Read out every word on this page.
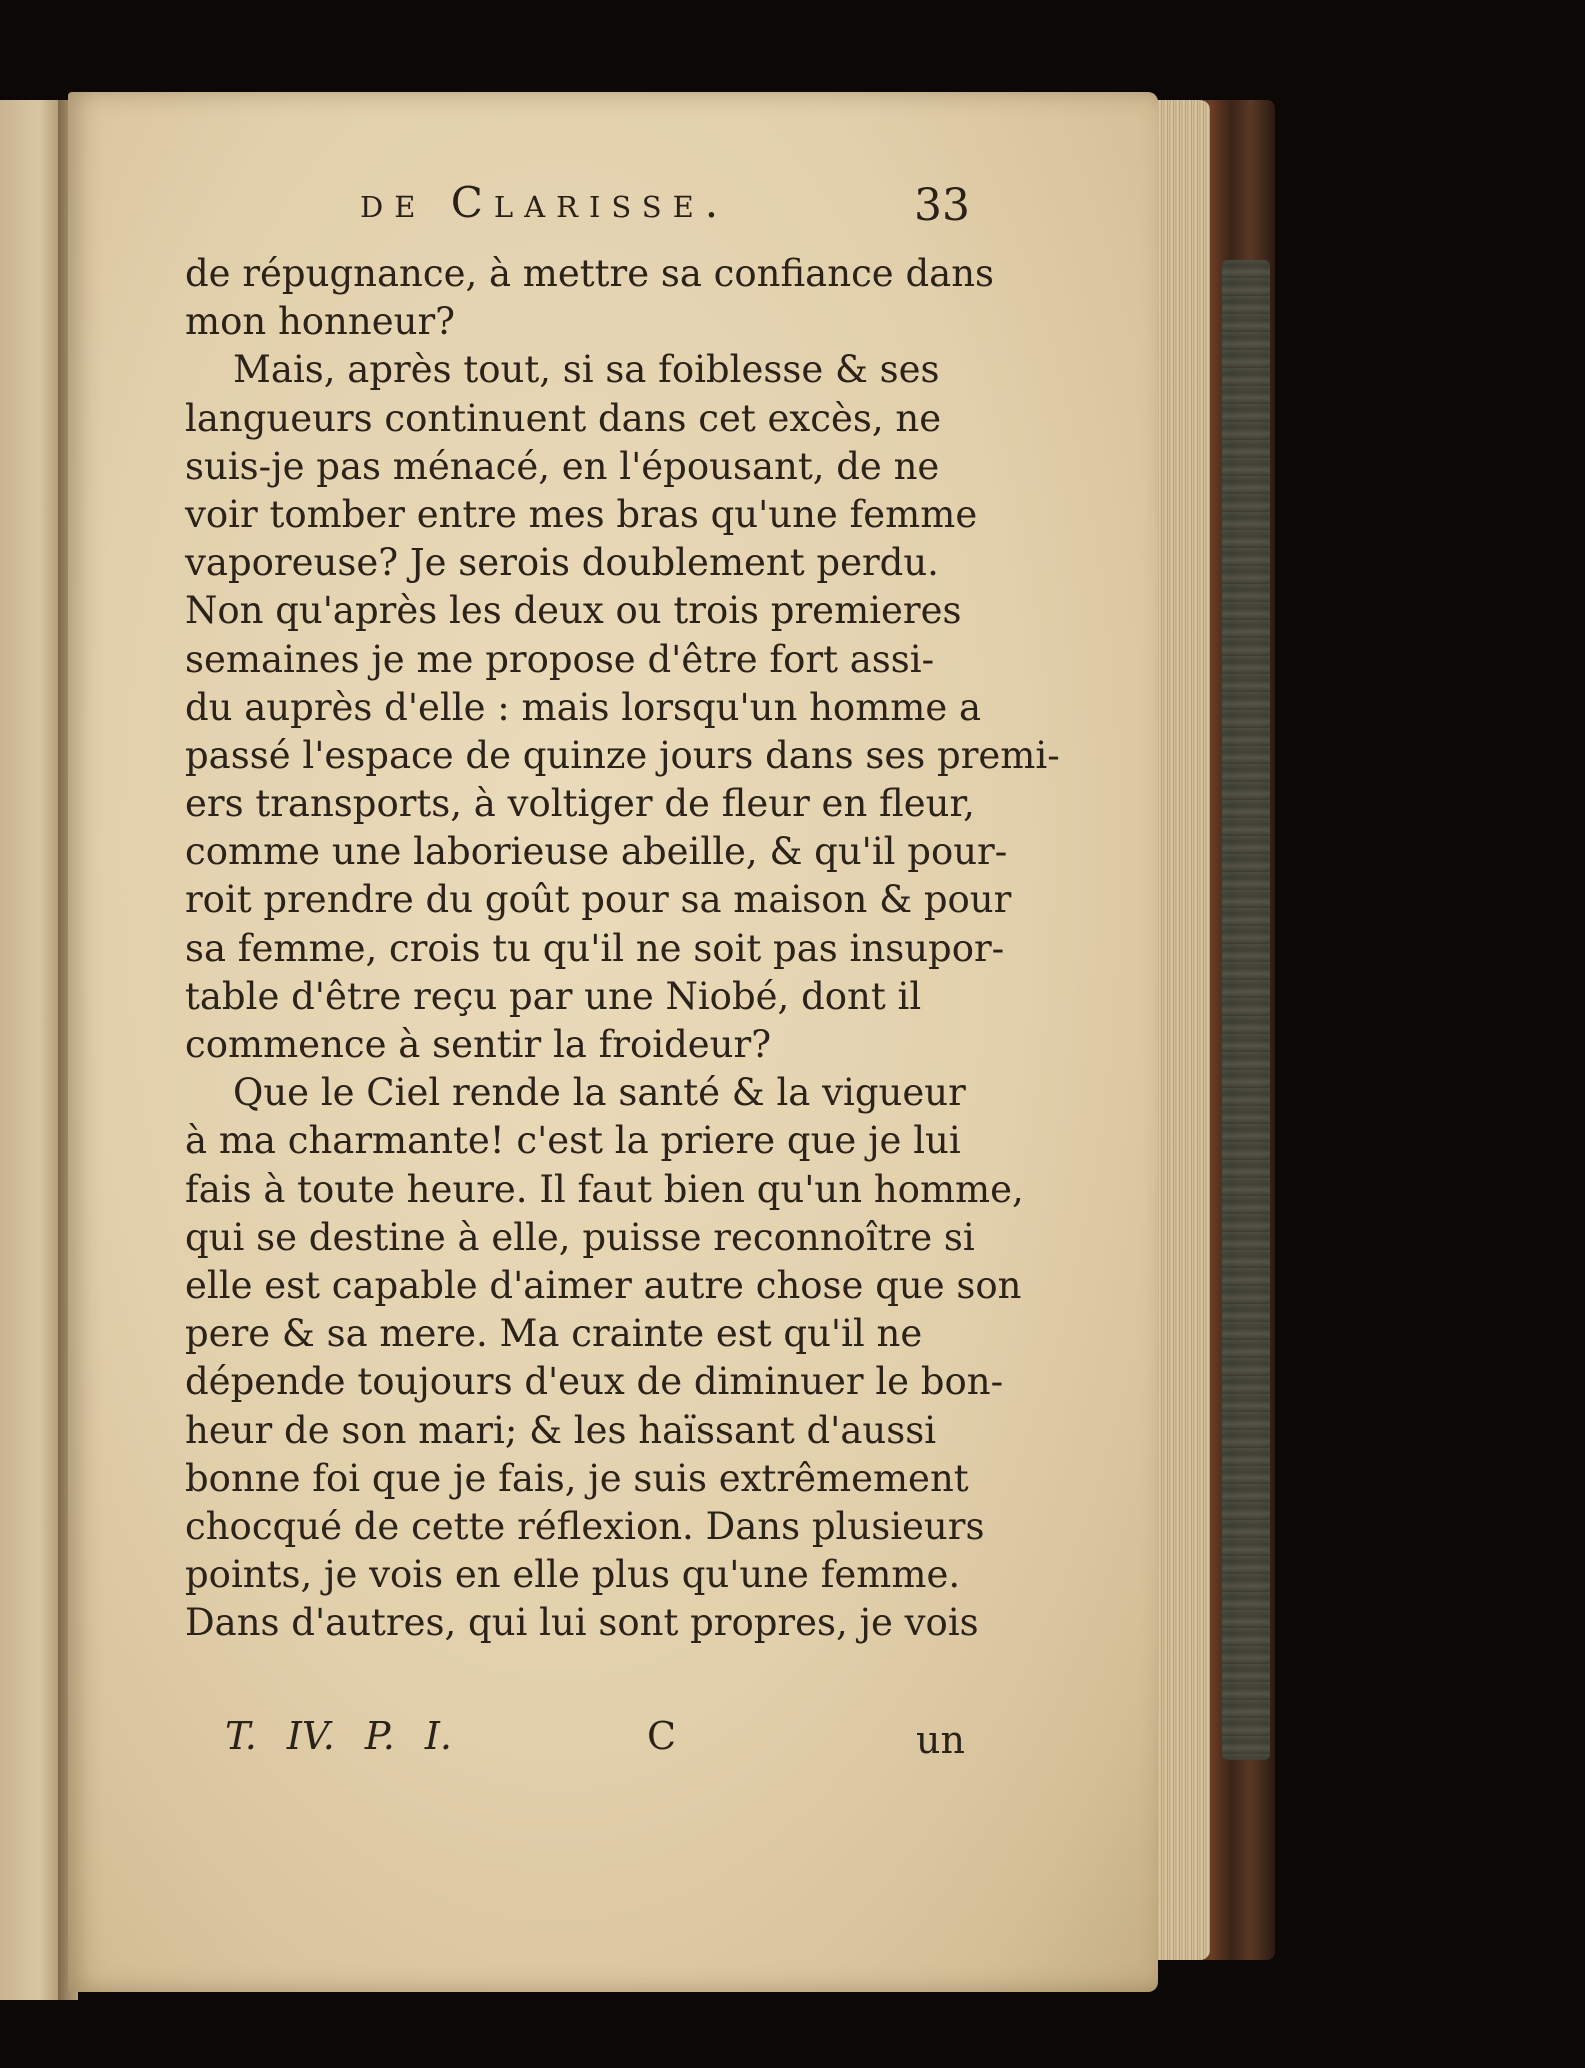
de Clarisse.	33
de répugnance, à mettre sa confiance dans
mon honneur?
Mais, après tout, si sa foiblesse & ses
langueurs continuent dans cet excès, ne
suis-je pas ménacé, en l'épousant, de ne
voir tomber entre mes bras qu'une femme
vaporeuse? Je serois doublement perdu.
Non qu'après les deux ou trois premieres
semaines je me propose d'être fort assi-
du auprès d'elle : mais lorsqu'un homme a
passé l'espace de quinze jours dans ses premi-
ers transports, à voltiger de fleur en fleur,
comme une laborieuse abeille, & qu'il pour-
roit prendre du goût pour sa maison & pour
sa femme, crois tu qu'il ne soit pas insupor-
table d'être reçu par une Niobé, dont il
commence à sentir la froideur?
Que le Ciel rende la santé & la vigueur
à ma charmante! c'est la priere que je lui
fais à toute heure. Il faut bien qu'un homme,
qui se destine à elle, puisse reconnoître si
elle est capable d'aimer autre chose que son
pere & sa mere. Ma crainte est qu'il ne
dépende toujours d'eux de diminuer le bon-
heur de son mari; & les haïssant d'aussi
bonne foi que je fais, je suis extrêmement
chocqué de cette réflexion. Dans plusieurs
points, je vois en elle plus qu'une femme.
Dans d'autres, qui lui sont propres, je vois
T. IV. P. I.	C	un
